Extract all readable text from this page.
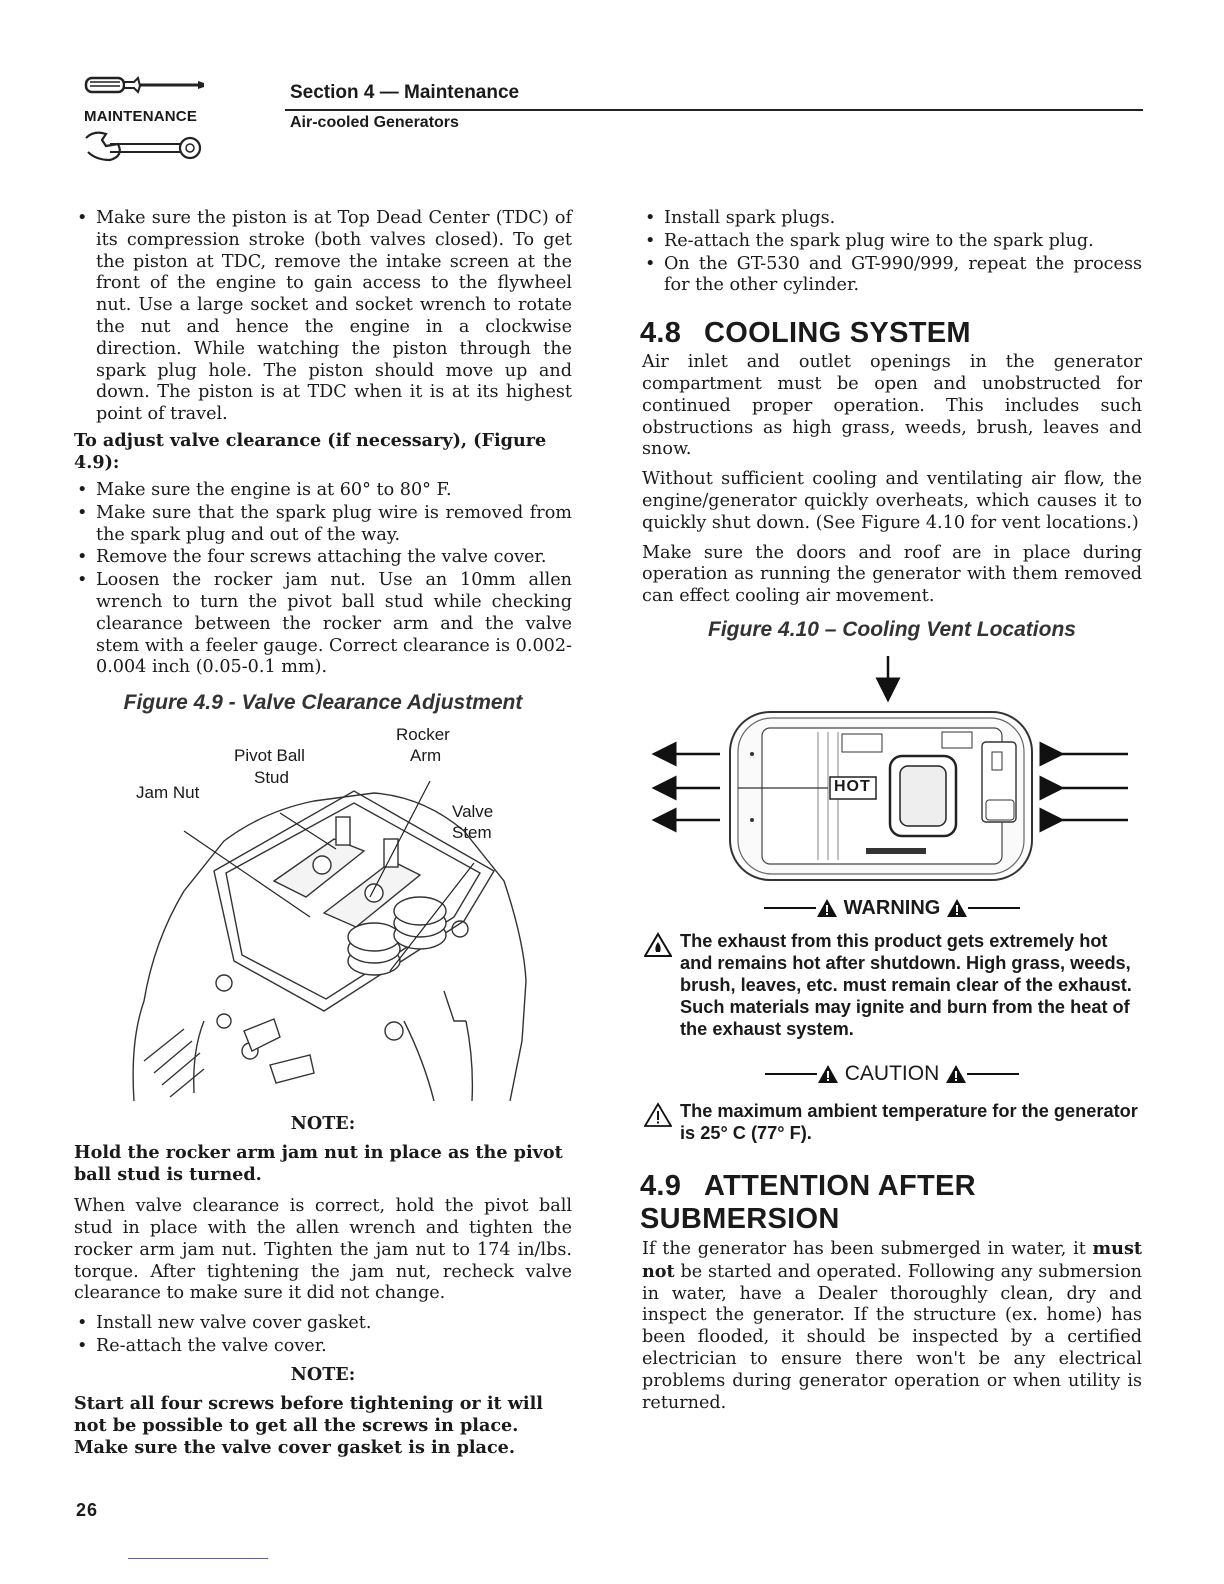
MAINTENANCE
Section 4 — Maintenance
Air-cooled Generators
• Make sure the piston is at Top Dead Center (TDC) of its compression stroke (both valves closed). To get the piston at TDC, remove the intake screen at the front of the engine to gain access to the flywheel nut. Use a large socket and socket wrench to rotate the nut and hence the engine in a clockwise direction. While watching the piston through the spark plug hole. The piston should move up and down. The piston is at TDC when it is at its highest point of travel.
To adjust valve clearance (if necessary), (Figure 4.9):
• Make sure the engine is at 60° to 80° F.
• Make sure that the spark plug wire is removed from the spark plug and out of the way.
• Remove the four screws attaching the valve cover.
• Loosen the rocker jam nut. Use an 10mm allen wrench to turn the pivot ball stud while checking clearance between the rocker arm and the valve stem with a feeler gauge. Correct clearance is 0.002-0.004 inch (0.05-0.1 mm).
Figure 4.9 - Valve Clearance Adjustment
Rocker
Arm
Pivot Ball
Stud
Jam Nut
Valve
Stem
NOTE:
Hold the rocker arm jam nut in place as the pivot ball stud is turned.

When valve clearance is correct, hold the pivot ball stud in place with the allen wrench and tighten the rocker arm jam nut. Tighten the jam nut to 174 in/lbs. torque. After tightening the jam nut, recheck valve clearance to make sure it did not change.

• Install new valve cover gasket.
• Re-attach the valve cover.
NOTE:
Start all four screws before tightening or it will not be possible to get all the screws in place. Make sure the valve cover gasket is in place.
• Install spark plugs.
• Re-attach the spark plug wire to the spark plug.
• On the GT-530 and GT-990/999, repeat the process for the other cylinder.
4.8 COOLING SYSTEM

Air inlet and outlet openings in the generator compartment must be open and unobstructed for continued proper operation. This includes such obstructions as high grass, weeds, brush, leaves and snow.

Without sufficient cooling and ventilating air flow, the engine/generator quickly overheats, which causes it to quickly shut down. (See Figure 4.10 for vent locations.)

Make sure the doors and roof are in place during operation as running the generator with them removed can effect cooling air movement.

Figure 4.10 – Cooling Vent Locations
HOT
WARNING
The exhaust from this product gets extremely hot and remains hot after shutdown. High grass, weeds, brush, leaves, etc. must remain clear of the exhaust. Such materials may ignite and burn from the heat of the exhaust system.
CAUTION
The maximum ambient temperature for the generator is 25° C (77° F).
4.9 ATTENTION AFTER SUBMERSION

If the generator has been submerged in water, it must not be started and operated. Following any submersion in water, have a Dealer thoroughly clean, dry and inspect the generator. If the structure (ex. home) has been flooded, it should be inspected by a certified electrician to ensure there won't be any electrical problems during generator operation or when utility is returned.

26
